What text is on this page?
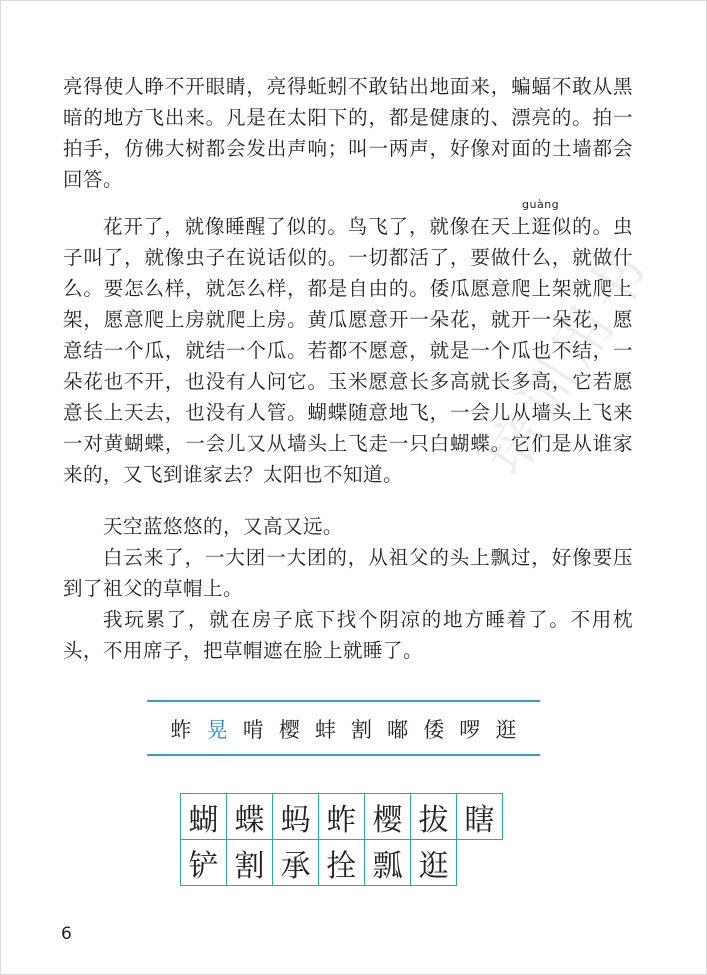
亮得使人睁不开眼睛，亮得蚯蚓不敢钻出地面来，蝙蝠不敢从黑暗的地方飞出来。凡是在太阳下的，都是健康的、漂亮的。拍一拍手，仿佛大树都会发出声响；叫一两声，好像对面的土墙都会回答。

guàng

花开了，就像睡醒了似的。鸟飞了，就像在天上逛似的。虫子叫了，就像虫子在说话似的。一切都活了，要做什么，就做什么。要怎么样，就怎么样，都是自由的。倭瓜愿意爬上架就爬上架，愿意爬上房就爬上房。黄瓜愿意开一朵花，就开一朵花，愿意结一个瓜，就结一个瓜。若都不愿意，就是一个瓜也不结，一朵花也不开，也没有人问它。玉米愿意长多高就长多高，它若愿意长上天去，也没有人管。蝴蝶随意地飞，一会儿从墙头上飞来一对黄蝴蝶，一会儿又从墙头上飞走一只白蝴蝶。它们是从谁家来的，又飞到谁家去？太阳也不知道。

天空蓝悠悠的，又高又远。

白云来了，一大团一大团的，从祖父的头上飘过，好像要压到了祖父的草帽上。

我玩累了，就在房子底下找个阴凉的地方睡着了。不用枕头，不用席子，把草帽遮在脸上就睡了。

培训用书
蚱 晃 啃 樱 蚌 割 嘟 倭 啰 逛
蝴 蝶 蚂 蚱 樱 拔 瞎
铲 割 承 拴 瓢 逛
6
